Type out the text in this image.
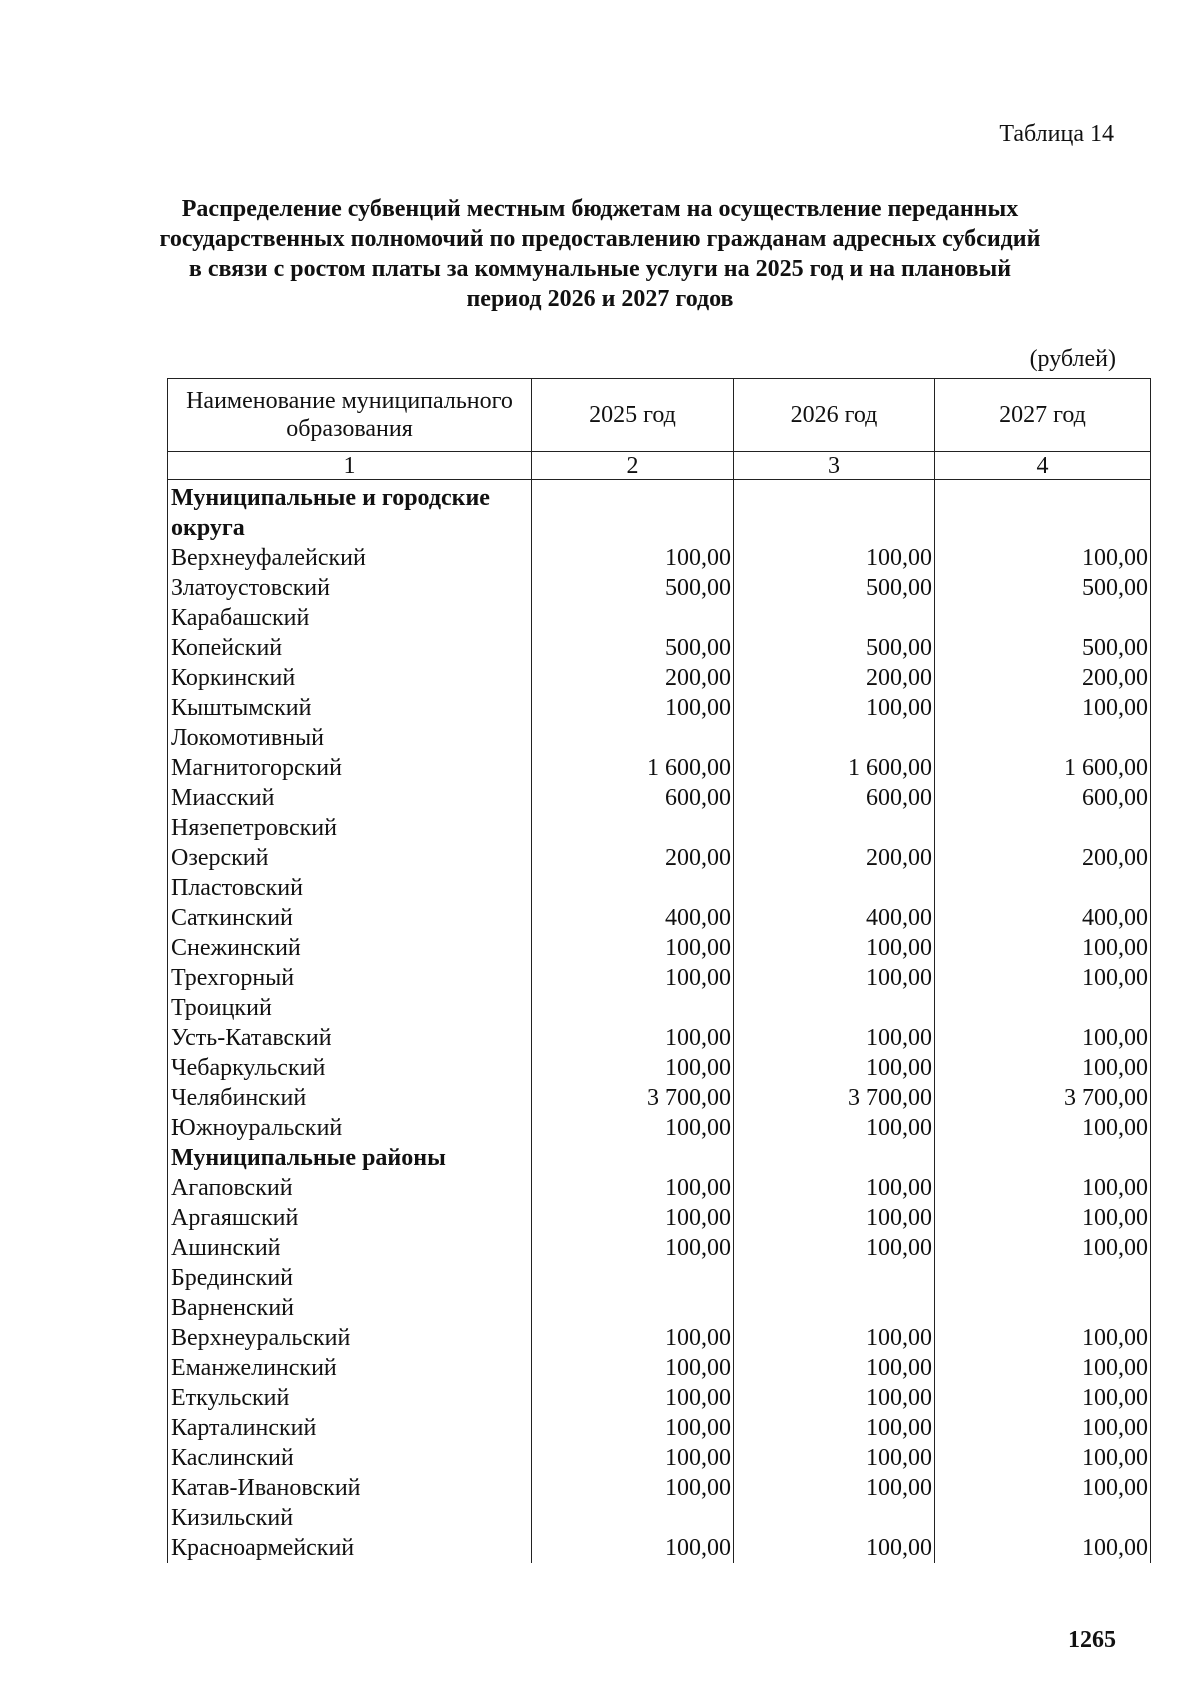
Таблица 14
Распределение субвенций местным бюджетам на осуществление переданных
государственных полномочий по предоставлению гражданам адресных субсидий
в связи с ростом платы за коммунальные услуги на 2025 год и на плановый
период 2026 и 2027 годов
(рублей)
Наименование муниципального образования	2025 год	2026 год	2027 год
1	2	3	4

Муниципальные и городские округа			
Верхнеуфалейский	100,00	100,00	100,00
Златоустовский	500,00	500,00	500,00
Карабашский			
Копейский	500,00	500,00	500,00
Коркинский	200,00	200,00	200,00
Кыштымский	100,00	100,00	100,00
Локомотивный			
Магнитогорский	1 600,00	1 600,00	1 600,00
Миасский	600,00	600,00	600,00
Нязепетровский			
Озерский	200,00	200,00	200,00
Пластовский			
Саткинский	400,00	400,00	400,00
Снежинский	100,00	100,00	100,00
Трехгорный	100,00	100,00	100,00
Троицкий			
Усть-Катавский	100,00	100,00	100,00
Чебаркульский	100,00	100,00	100,00
Челябинский	3 700,00	3 700,00	3 700,00
Южноуральский	100,00	100,00	100,00
Муниципальные районы			
Агаповский	100,00	100,00	100,00
Аргаяшский	100,00	100,00	100,00
Ашинский	100,00	100,00	100,00
Брединский			
Варненский			
Верхнеуральский	100,00	100,00	100,00
Еманжелинский	100,00	100,00	100,00
Еткульский	100,00	100,00	100,00
Карталинский	100,00	100,00	100,00
Каслинский	100,00	100,00	100,00
Катав-Ивановский	100,00	100,00	100,00
Кизильский			
Красноармейский	100,00	100,00	100,00
1265
